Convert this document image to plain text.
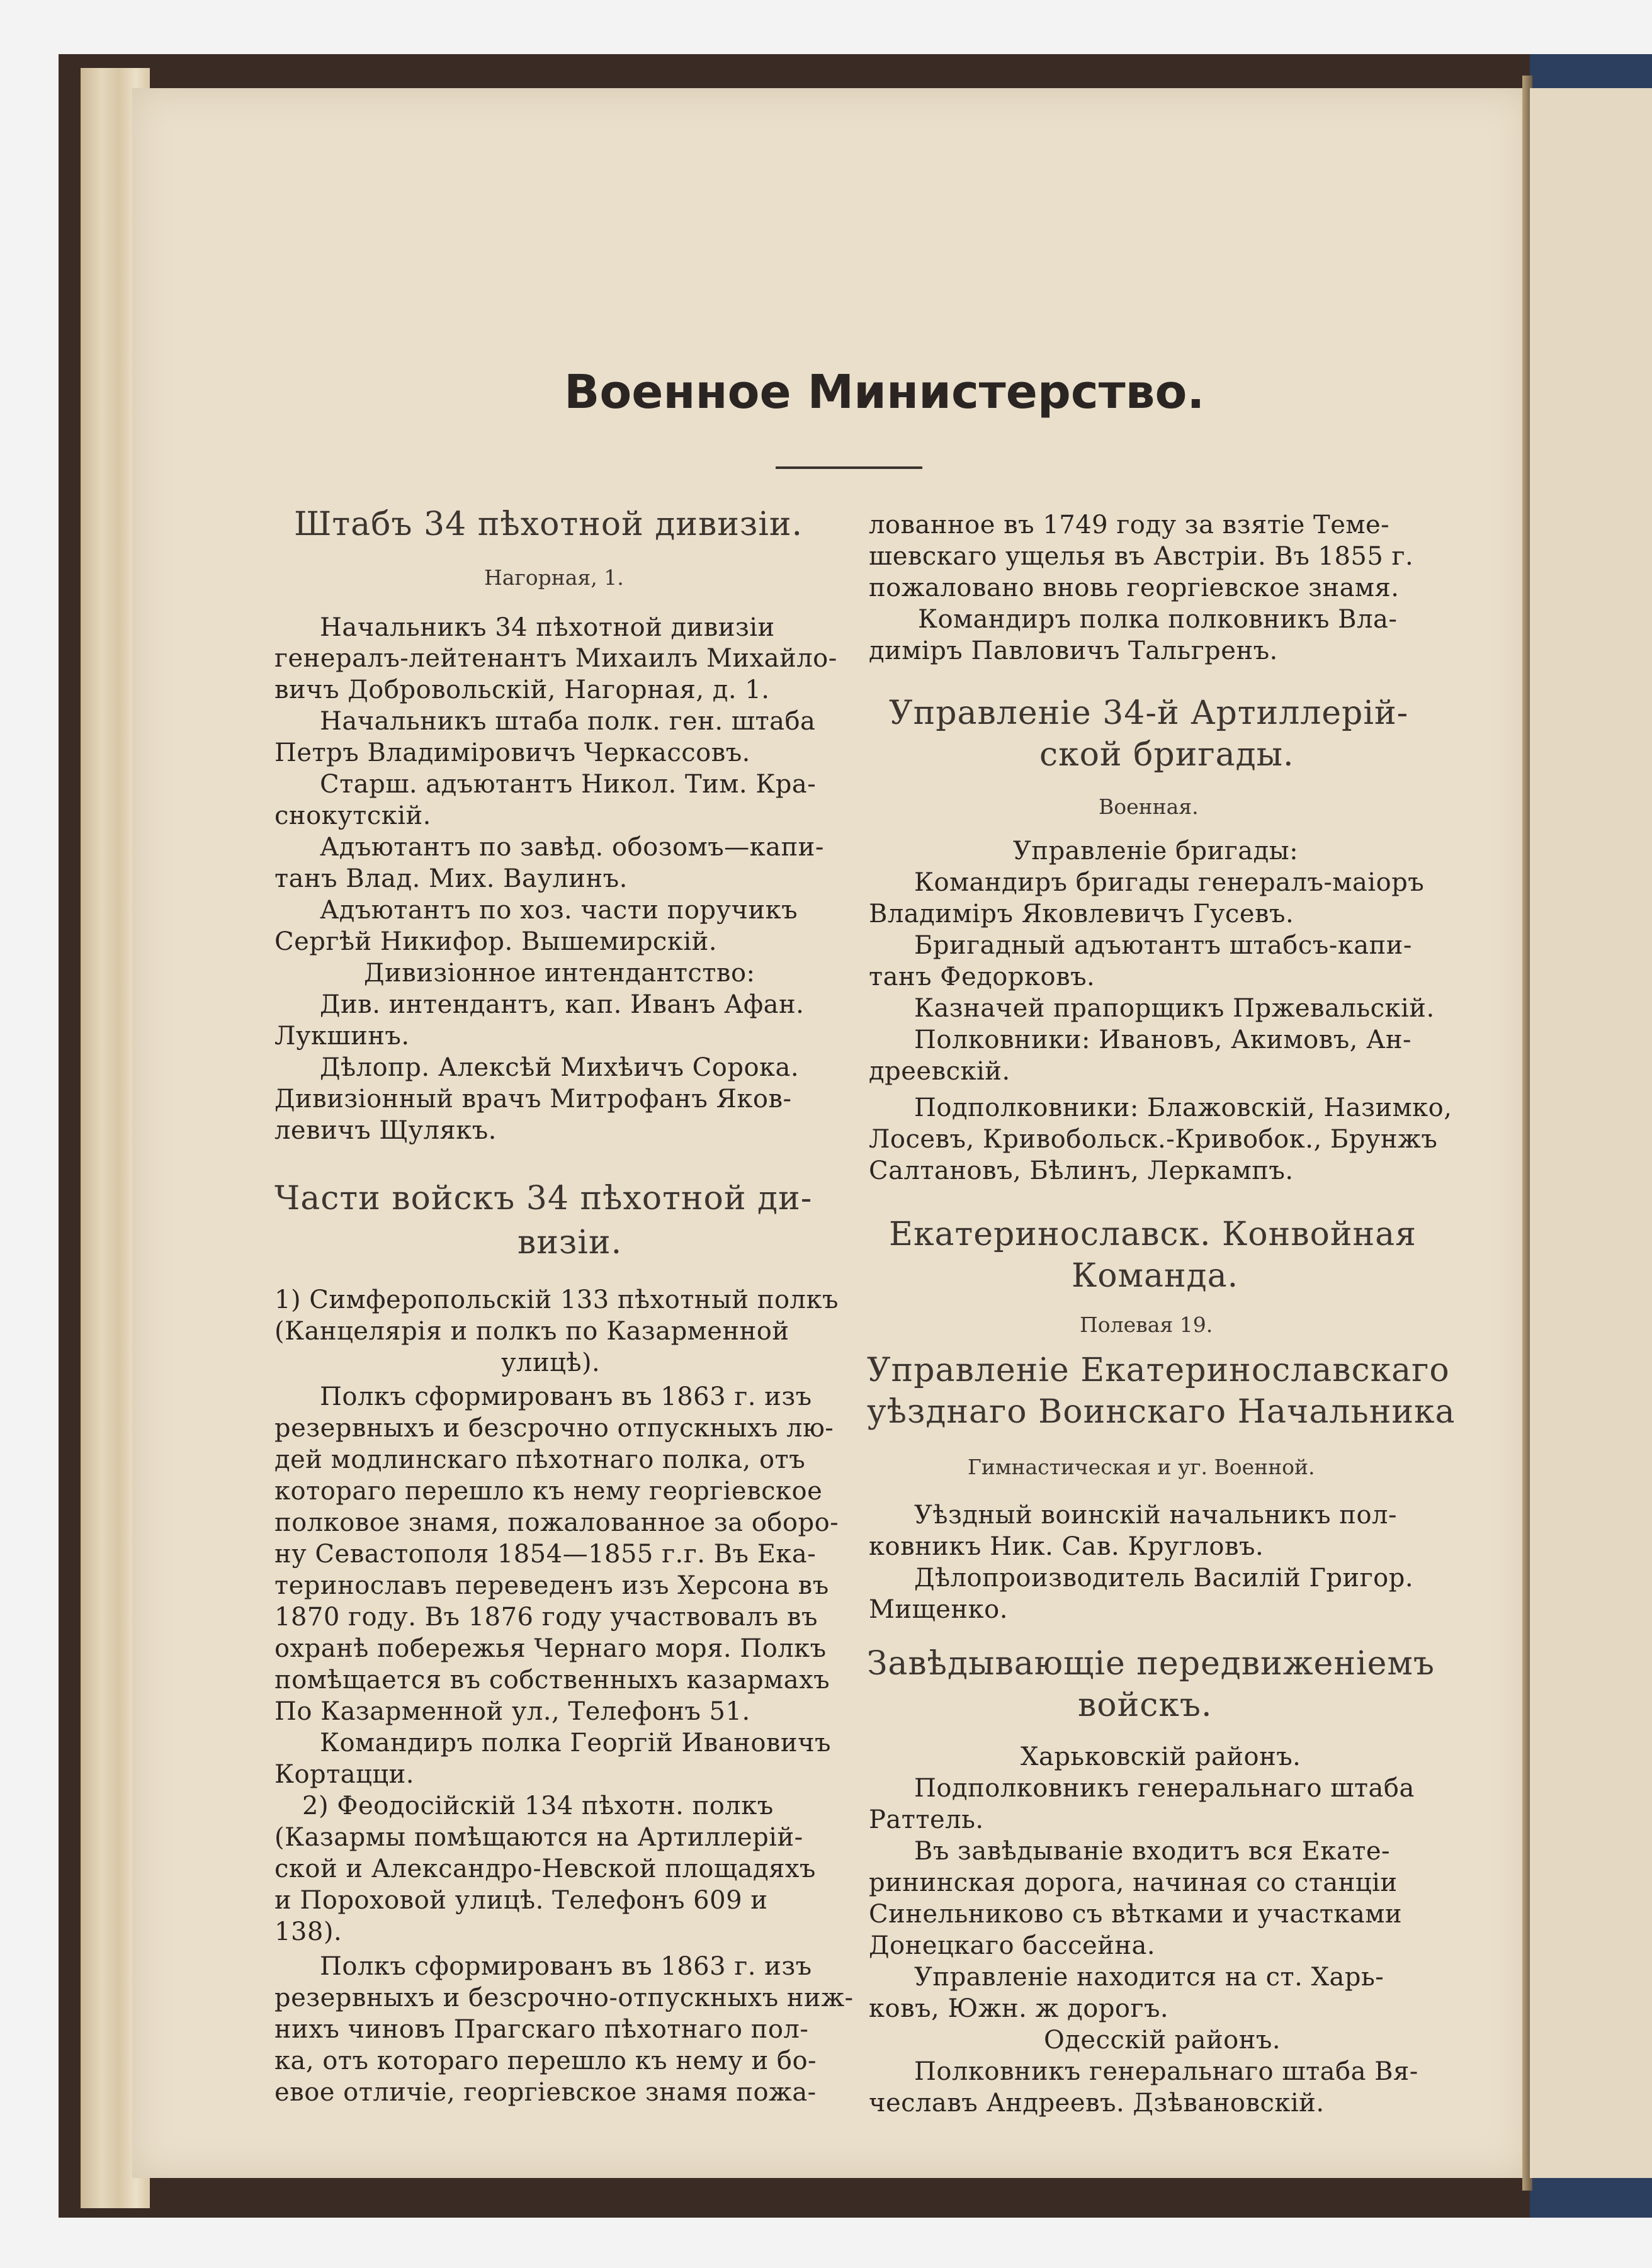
Военное Министерство.
Штабъ 34 пѣхотной дивизіи.
Нагорная, 1.
Начальникъ 34 пѣхотной дивизіи
генералъ-лейтенантъ Михаилъ Михайло-
вичъ Добровольскій, Нагорная, д. 1.
Начальникъ штаба полк. ген. штаба
Петръ Владиміровичъ Черкассовъ.
Старш. адъютантъ Никол. Тим. Кра-
снокутскій.
Адъютантъ по завѣд. обозомъ—капи-
танъ Влад. Мих. Ваулинъ.
Адъютантъ по хоз. части поручикъ
Сергѣй Никифор. Вышемирскій.
Дивизіонное интендантство:
Див. интендантъ, кап. Иванъ Афан.
Лукшинъ.
Дѣлопр. Алексѣй Михѣичъ Сорока.
Дивизіонный врачъ Митрофанъ Яков-
левичъ Щулякъ.
Части войскъ 34 пѣхотной ди-
визіи.
1) Симферопольскій 133 пѣхотный полкъ
(Канцелярія и полкъ по Казарменной
улицѣ).
Полкъ сформированъ въ 1863 г. изъ
резервныхъ и безсрочно отпускныхъ лю-
дей модлинскаго пѣхотнаго полка, отъ
котораго перешло къ нему георгіевское
полковое знамя, пожалованное за оборо-
ну Севастополя 1854—1855 г.г. Въ Ека-
теринославъ переведенъ изъ Херсона въ
1870 году. Въ 1876 году участвовалъ въ
охранѣ побережья Чернаго моря. Полкъ
помѣщается въ собственныхъ казармахъ
По Казарменной ул., Телефонъ 51.
Командиръ полка Георгій Ивановичъ
Кортацци.
2) Феодосійскій 134 пѣхотн. полкъ
(Казармы помѣщаются на Артиллерій-
ской и Александро-Невской площадяхъ
и Пороховой улицѣ. Телефонъ 609 и
138).
Полкъ сформированъ въ 1863 г. изъ
резервныхъ и безсрочно-отпускныхъ ниж-
нихъ чиновъ Прагскаго пѣхотнаго пол-
ка, отъ котораго перешло къ нему и бо-
евое отличіе, георгіевское знамя пожа-
лованное въ 1749 году за взятіе Теме-
шевскаго ущелья въ Австріи. Въ 1855 г.
пожаловано вновь георгіевское знамя.
Командиръ полка полковникъ Вла-
диміръ Павловичъ Тальгренъ.
Управленіе 34-й Артиллерій-
ской бригады.
Военная.
Управленіе бригады:
Командиръ бригады генералъ-маіоръ
Владиміръ Яковлевичъ Гусевъ.
Бригадный адъютантъ штабсъ-капи-
танъ Федорковъ.
Казначей прапорщикъ Пржевальскій.
Полковники: Ивановъ, Акимовъ, Ан-
дреевскій.
Подполковники: Блажовскій, Назимко,
Лосевъ, Кривобольск.-Кривобок., Брунжъ
Салтановъ, Бѣлинъ, Леркампъ.
Екатеринославск. Конвойная
Команда.
Полевая 19.
Управленіе Екатеринославскаго
уѣзднаго Воинскаго Начальника
Гимнастическая и уг. Военной.
Уѣздный воинскій начальникъ пол-
ковникъ Ник. Сав. Кругловъ.
Дѣлопроизводитель Василій Григор.
Мищенко.
Завѣдывающіе передвиженіемъ
войскъ.
Харьковскій районъ.
Подполковникъ генеральнаго штаба
Раттель.
Въ завѣдываніе входитъ вся Екате-
рининская дорога, начиная со станціи
Синельниково съ вѣтками и участками
Донецкаго бассейна.
Управленіе находится на ст. Харь-
ковъ, Южн. ж дорогъ.
Одесскій районъ.
Полковникъ генеральнаго штаба Вя-
чеславъ Андреевъ. Дзѣвановскій.
